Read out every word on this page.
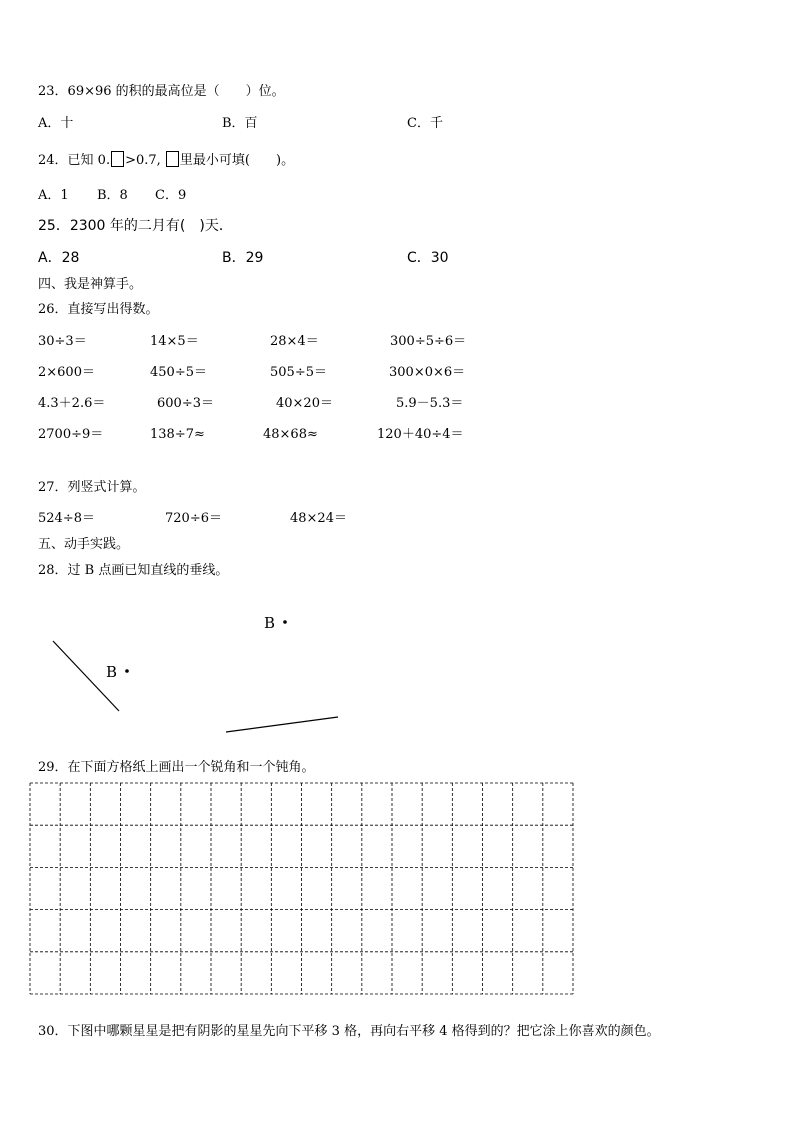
23．69×96 的积的最高位是（　　）位。
A．十	B．百	C．千
24．已知 0. >0.7, 里最小可填(　　)。
A．1 B．8 C．9
25．2300 年的二月有(　)天．
A．28	B．29	C．30
四、我是神算手。
26．直接写出得数。
30÷3＝	14×5＝	28×4＝	300÷5÷6＝
2×600＝	450÷5＝	505÷5＝	300×0×6＝
4.3＋2.6＝	600÷3＝	40×20＝	5.9－5.3＝
2700÷9＝	138÷7≈	48×68≈	120＋40÷4＝
27．列竖式计算。
524÷8＝	720÷6＝	48×24＝
五、动手实践。
28．过 B 点画已知直线的垂线。
B
B
29．在下面方格纸上画出一个锐角和一个钝角。
30．下图中哪颗星星是把有阴影的星星先向下平移 3 格，再向右平移 4 格得到的？把它涂上你喜欢的颜色。
